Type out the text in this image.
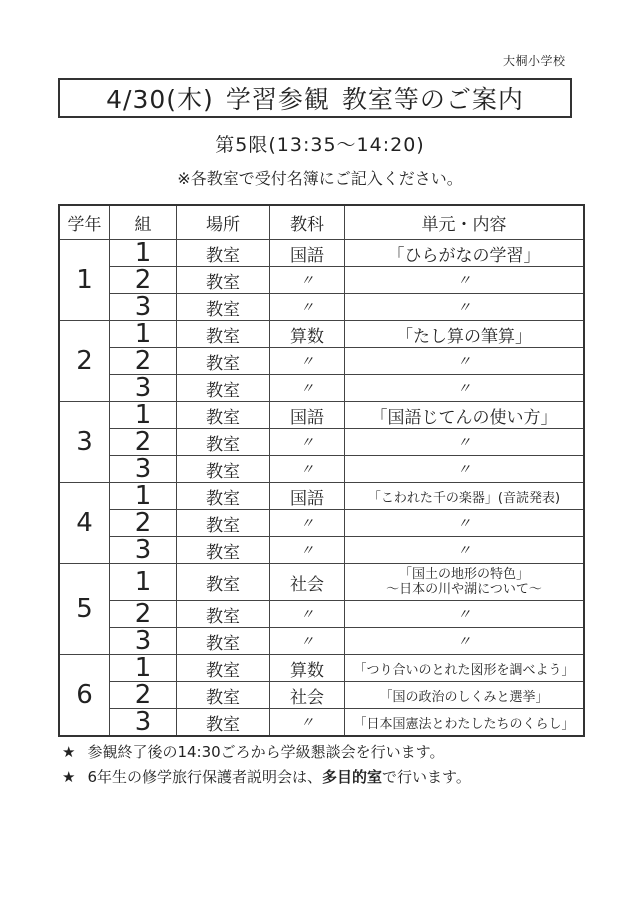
大桐小学校
4/30(木) 学習参観 教室等のご案内
第5限(13:35～14:20)
※各教室で受付名簿にご記入ください。
学年	組	場所	教科	単元・内容
1	1	教室	国語	「ひらがなの学習」
	2	教室	〃	〃
	3	教室	〃	〃
2	1	教室	算数	「たし算の筆算」
	2	教室	〃	〃
	3	教室	〃	〃
3	1	教室	国語	「国語じてんの使い方」
	2	教室	〃	〃
	3	教室	〃	〃
4	1	教室	国語	「こわれた千の楽器」(音読発表)
	2	教室	〃	〃
	3	教室	〃	〃
5	1	教室	社会	「国土の地形の特色」
～日本の川や湖について～

	2	教室	〃	〃
	3	教室	〃	〃
6	1	教室	算数	「つり合いのとれた図形を調べよう」
	2	教室	社会	「国の政治のしくみと選挙」
	3	教室	〃	「日本国憲法とわたしたちのくらし」
★ 参観終了後の14:30ごろから学級懇談会を行います。
★ 6年生の修学旅行保護者説明会は、多目的室で行います。
